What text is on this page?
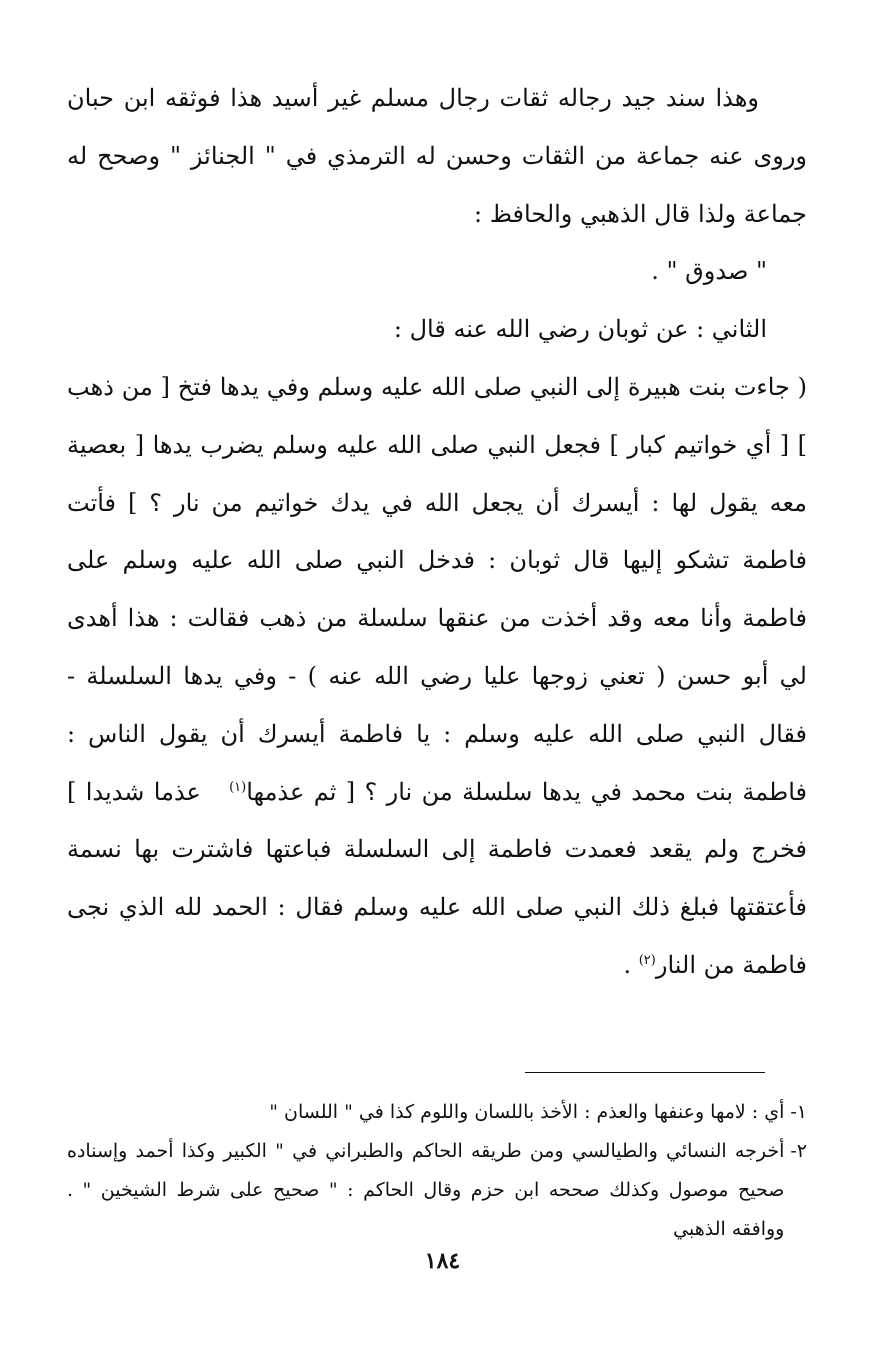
وهذا سند جيد رجاله ثقات رجال مسلم غير أسيد هذا فوثقه ابن حبان وروى عنه جماعة من الثقات وحسن له الترمذي في " الجنائز " وصحح له جماعة ولذا قال الذهبي والحافظ :

" صدوق " .

الثاني : عن ثوبان رضي الله عنه قال :

( جاءت بنت هبيرة إلى النبي صلى الله عليه وسلم وفي يدها فتخ [ من ذهب ] [ أي خواتيم كبار ] فجعل النبي صلى الله عليه وسلم يضرب يدها [ بعصية معه يقول لها : أيسرك أن يجعل الله في يدك خواتيم من نار ؟ ] فأتت فاطمة تشكو إليها قال ثوبان : فدخل النبي صلى الله عليه وسلم على فاطمة وأنا معه وقد أخذت من عنقها سلسلة من ذهب فقالت : هذا أهدى لي أبو حسن ( تعني زوجها عليا رضي الله عنه ) - وفي يدها السلسلة - فقال النبي صلى الله عليه وسلم : يا فاطمة أيسرك أن يقول الناس : فاطمة بنت محمد في يدها سلسلة من نار ؟ [ ثم عذمها$^{(١)}$   عذما شديدا ] فخرج ولم يقعد فعمدت فاطمة إلى السلسلة فباعتها فاشترت بها نسمة فأعتقتها فبلغ ذلك النبي صلى الله عليه وسلم فقال : الحمد لله الذي نجى فاطمة من النار$^{(٢)}$ .

١-
أي : لامها وعنفها والعذم : الأخذ باللسان واللوم كذا في " اللسان "

٢-
أخرجه النسائي والطيالسي ومن طريقه الحاكم والطبراني في " الكبير وكذا أحمد وإسناده صحيح موصول وكذلك صححه ابن حزم وقال الحاكم : " صحيح على شرط الشيخين " . ووافقه الذهبي

١٨٤
